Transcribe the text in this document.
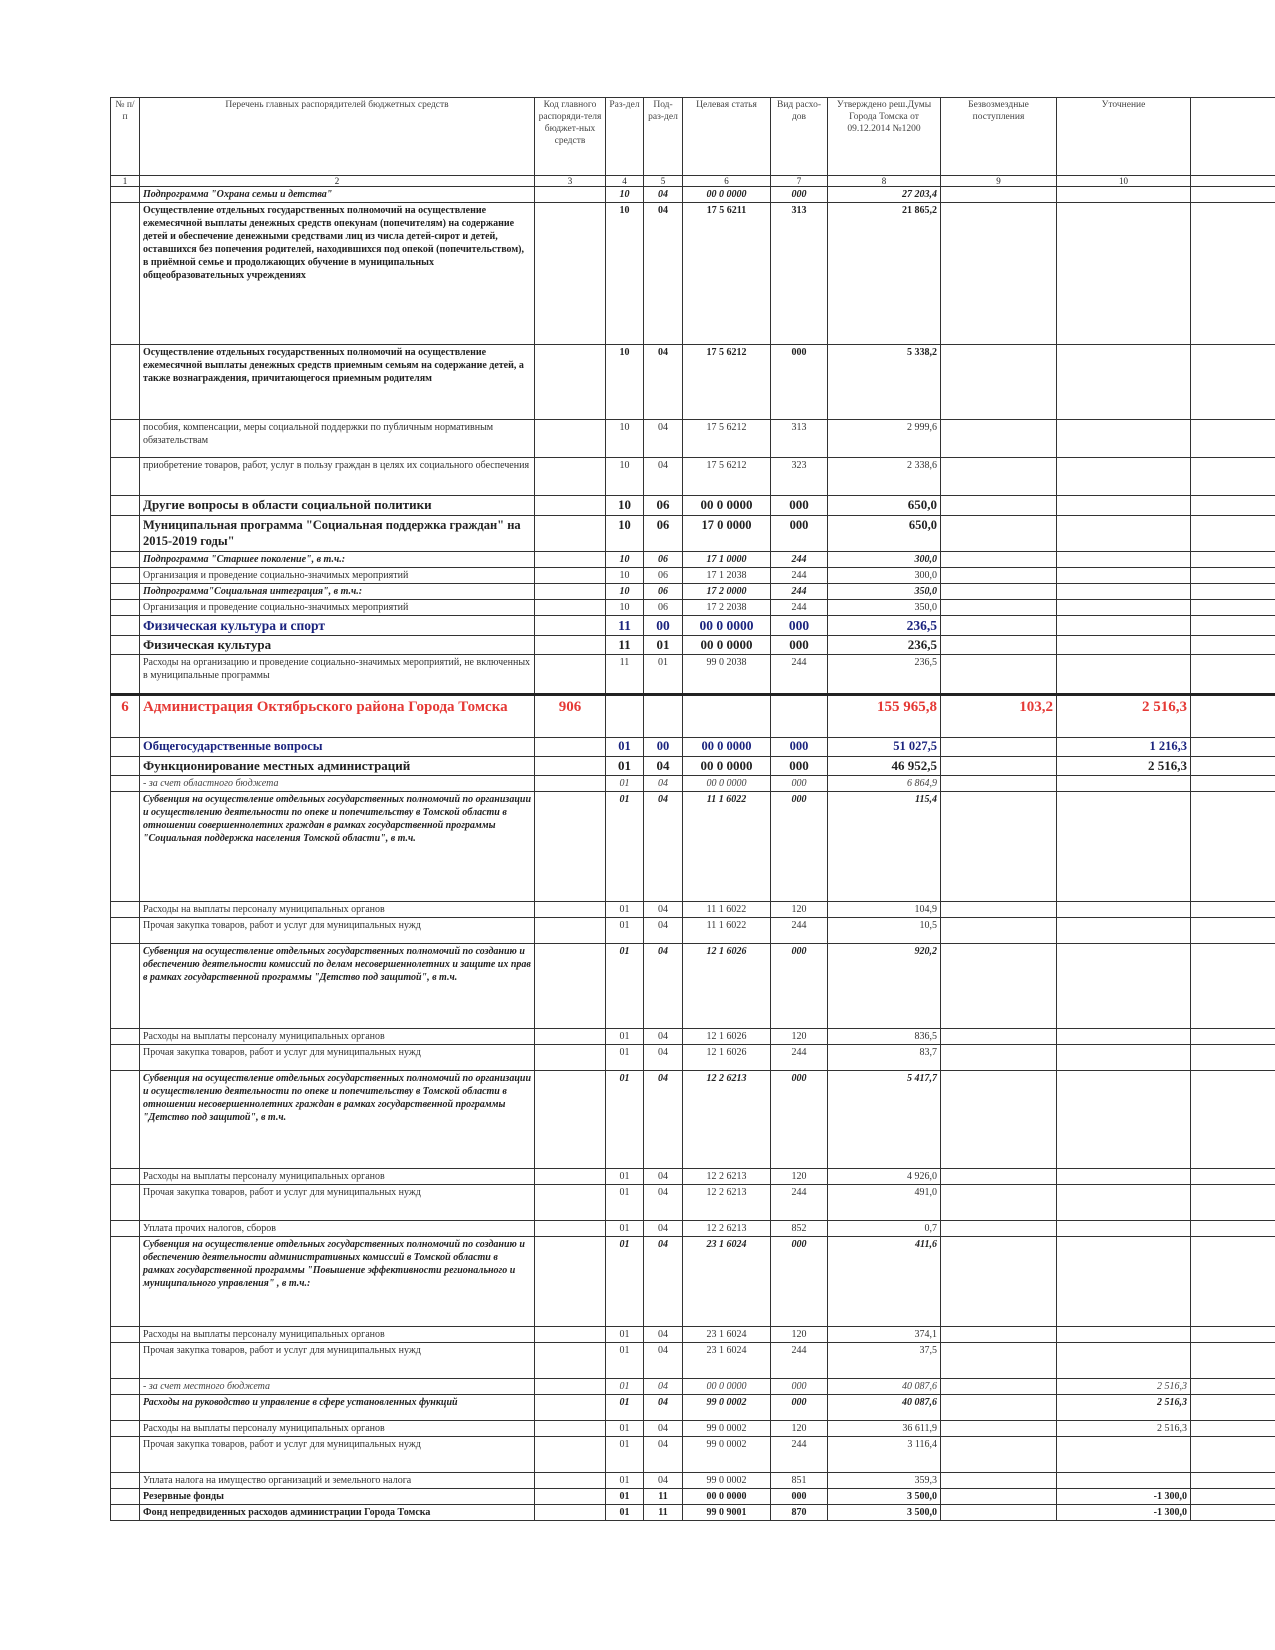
№ п/п	Перечень главных распорядителей бюджетных средств	Код главного распоряди-теля бюджет-ных средств	Раз-дел	Под-раз-дел	Целевая статья	Вид расхо-дов	Утверждено реш.Думы Города Томска от 09.12.2014 №1200	Безвозмездные поступления	Уточнение	
1	2	3	4	5	6	7	8	9	10	
	Подпрограмма "Охрана семьи и детства"		10	04	00 0 0000	000	27 203,4			
	Осуществление отдельных государственных полномочий на осуществление ежемесячной выплаты денежных средств опекунам (попечителям) на содержание детей и обеспечение денежными средствами лиц из числа детей-сирот и детей, оставшихся без попечения родителей, находившихся под опекой (попечительством), в приёмной семье и продолжающих обучение в муниципальных общеобразовательных учреждениях		10	04	17 5 6211	313	21 865,2			
	Осуществление отдельных государственных полномочий на осуществление ежемесячной выплаты денежных средств приемным семьям на содержание детей, а также вознаграждения, причитающегося приемным родителям		10	04	17 5 6212	000	5 338,2			
	пособия, компенсации, меры социальной поддержки по публичным нормативным обязательствам		10	04	17 5 6212	313	2 999,6			
	приобретение товаров, работ, услуг в пользу граждан в целях их социального обеспечения		10	04	17 5 6212	323	2 338,6			
	Другие вопросы в области социальной политики		10	06	00 0 0000	000	650,0			
	Муниципальная программа "Социальная поддержка граждан" на 2015-2019 годы"		10	06	17 0 0000	000	650,0			
	Подпрограмма "Старшее поколение", в т.ч.:		10	06	17 1 0000	244	300,0			
	Организация и проведение социально-значимых мероприятий		10	06	17 1 2038	244	300,0			
	Подпрограмма"Социальная интеграция", в т.ч.:		10	06	17 2 0000	244	350,0			
	Организация и проведение социально-значимых мероприятий		10	06	17 2 2038	244	350,0			
	Физическая культура и спорт		11	00	00 0 0000	000	236,5			
	Физическая культура		11	01	00 0 0000	000	236,5			
	Расходы на организацию и проведение социально-значимых мероприятий, не включенных в муниципальные программы		11	01	99 0 2038	244	236,5			
6	Администрация Октябрьского района Города Томска	906					155 965,8	103,2	2 516,3	
	Общегосударственные вопросы		01	00	00 0 0000	000	51 027,5		1 216,3	
	Функционирование местных администраций		01	04	00 0 0000	000	46 952,5		2 516,3	
	- за счет областного бюджета		01	04	00 0 0000	000	6 864,9			
	Субвенция на осуществление отдельных государственных полномочий по организации и осуществлению деятельности по опеке и попечительству в Томской области в отношении совершеннолетних граждан в рамках государственной программы "Социальная поддержка населения Томской области", в т.ч.		01	04	11 1 6022	000	115,4			
	Расходы на выплаты персоналу муниципальных органов		01	04	11 1 6022	120	104,9			
	Прочая закупка товаров, работ и услуг для муниципальных нужд		01	04	11 1 6022	244	10,5			
	Субвенция на осуществление отдельных государственных полномочий по созданию и обеспечению деятельности комиссий по делам несовершеннолетних и защите их прав в рамках государственной программы "Детство под защитой", в т.ч.		01	04	12 1 6026	000	920,2			
	Расходы на выплаты персоналу муниципальных органов		01	04	12 1 6026	120	836,5			
	Прочая закупка товаров, работ и услуг для муниципальных нужд		01	04	12 1 6026	244	83,7			
	Субвенция на осуществление отдельных государственных полномочий по организации и осуществлению деятельности по опеке и попечительству в Томской области в отношении несовершеннолетних граждан в рамках государственной программы "Детство под защитой", в т.ч.		01	04	12 2 6213	000	5 417,7			
	Расходы на выплаты персоналу муниципальных органов		01	04	12 2 6213	120	4 926,0			
	Прочая закупка товаров, работ и услуг для муниципальных нужд		01	04	12 2 6213	244	491,0			
	Уплата прочих налогов, сборов		01	04	12 2 6213	852	0,7			
	Субвенция на осуществление отдельных государственных полномочий по созданию и обеспечению деятельности административных комиссий в Томской области в рамках государственной программы "Повышение эффективности регионального и муниципального управления" , в т.ч.:		01	04	23 1 6024	000	411,6			
	Расходы на выплаты персоналу муниципальных органов		01	04	23 1 6024	120	374,1			
	Прочая закупка товаров, работ и услуг для муниципальных нужд		01	04	23 1 6024	244	37,5			
	- за счет местного бюджета		01	04	00 0 0000	000	40 087,6		2 516,3	
	Расходы на руководство и управление в сфере установленных функций		01	04	99 0 0002	000	40 087,6		2 516,3	
	Расходы на выплаты персоналу муниципальных органов		01	04	99 0 0002	120	36 611,9		2 516,3	
	Прочая закупка товаров, работ и услуг для муниципальных нужд		01	04	99 0 0002	244	3 116,4			
	Уплата налога на имущество организаций и земельного налога		01	04	99 0 0002	851	359,3			
	Резервные фонды		01	11	00 0 0000	000	3 500,0		-1 300,0	
	Фонд непредвиденных расходов администрации Города Томска		01	11	99 0 9001	870	3 500,0		-1 300,0	
